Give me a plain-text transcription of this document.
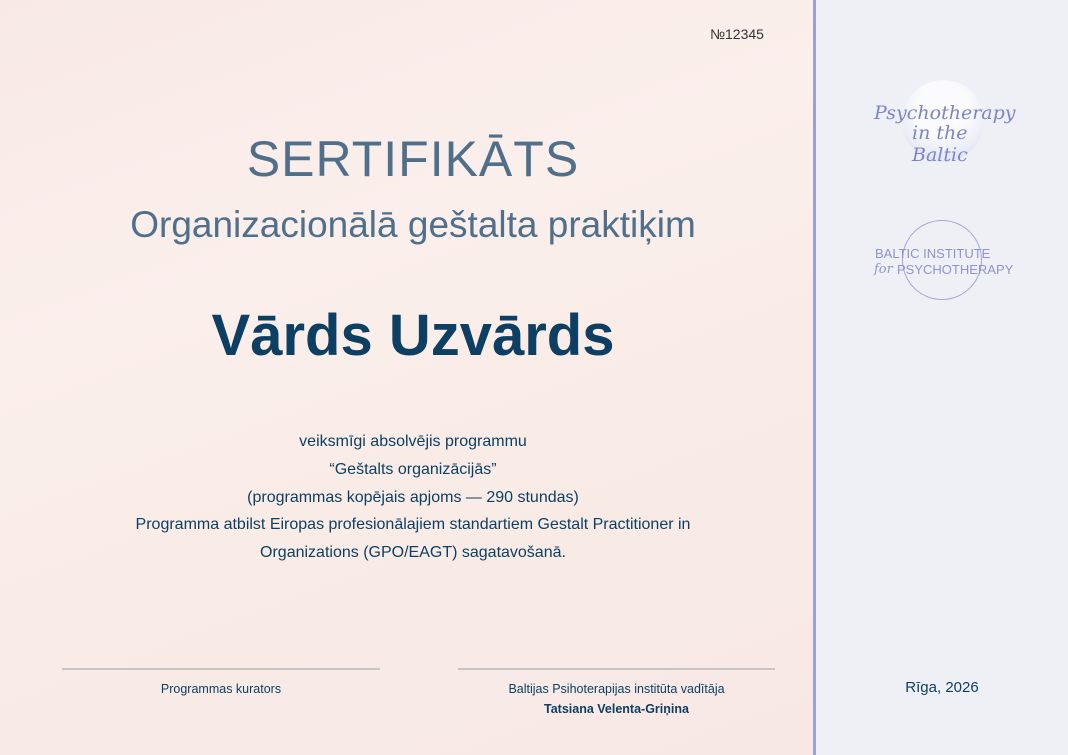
№12345
SERTIFIKĀTS
Organizacionālā geštalta praktiķim
Vārds Uzvārds
veiksmīgi absolvējis programmu
“Geštalts organizācijās”
(programmas kopējais apjoms — 290 stundas)
Programma atbilst Eiropas profesionālajiem standartiem Gestalt Practitioner in
Organizations (GPO/EAGT) sagatavošanā.
Programmas kurators	Baltijas Psihoterapijas institūta vadītāja
Tatsiana Velenta-Griņina
Psychotherapy
in the Baltic
BALTIC INSTITUTE
for PSYCHOTHERAPY
Rīga, 2026
